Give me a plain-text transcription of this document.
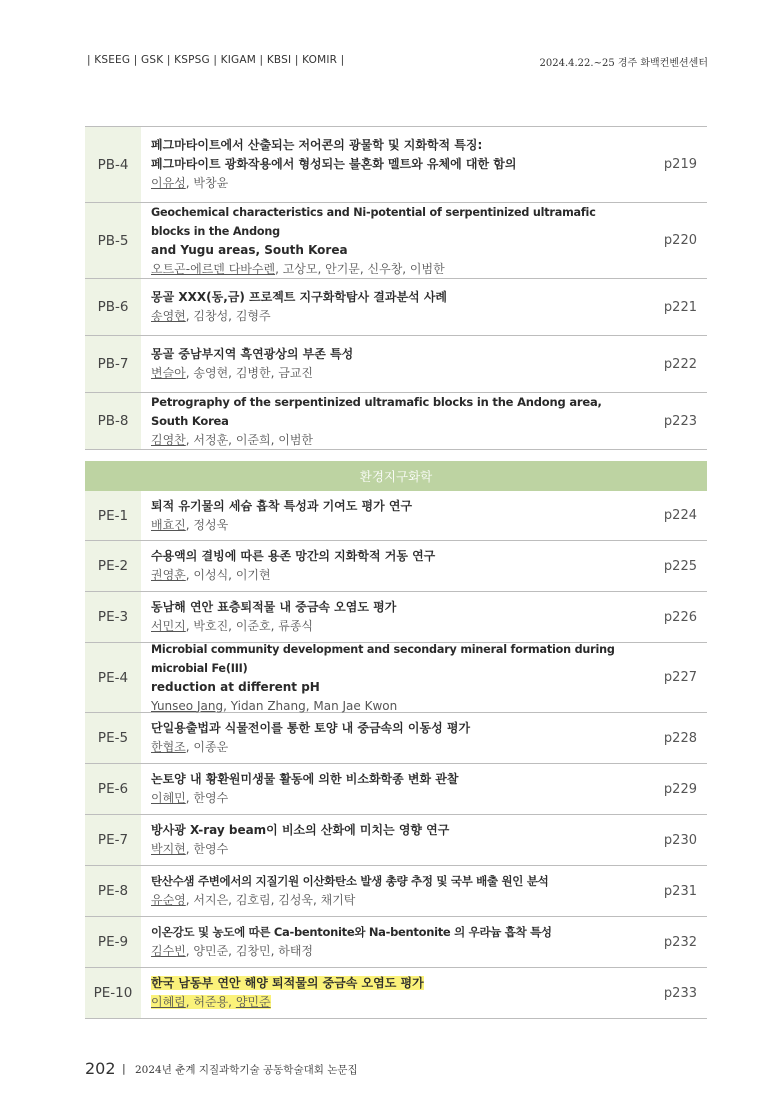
| KSEEG | GSK | KSPSG | KIGAM | KBSI | KOMIR |	2024.4.22.~25 경주 화백컨벤션센터
PB-4
페그마타이트에서 산출되는 저어콘의 광물학 및 지화학적 특징:
페그마타이트 광화작용에서 형성되는 불혼화 멜트와 유체에 대한 함의
이유성, 박창윤
p219
PB-5
Geochemical characteristics and Ni-potential of serpentinized ultramafic blocks in the Andong
and Yugu areas, South Korea
오트곤-에르덴 다바수렌, 고상모, 안기문, 신우창, 이범한
p220
PB-6
몽골 XXX(동,금) 프로젝트 지구화학탐사 결과분석 사례
송영현, 김창성, 김형주
p221
PB-7
몽골 중남부지역 흑연광상의 부존 특성
변슬아, 송영현, 김병한, 금교진
p222
PB-8
Petrography of the serpentinized ultramafic blocks in the Andong area, South Korea
김영찬, 서정훈, 이준희, 이범한
p223
환경지구화학
PE-1
퇴적 유기물의 세슘 흡착 특성과 기여도 평가 연구
배효진, 정성욱
p224
PE-2
수용액의 결빙에 따른 용존 망간의 지화학적 거동 연구
권영훈, 이성식, 이기현
p225
PE-3
동남해 연안 표층퇴적물 내 중금속 오염도 평가
서민지, 박호진, 이준호, 류종식
p226
PE-4
Microbial community development and secondary mineral formation during microbial Fe(III)
reduction at different pH
Yunseo Jang, Yidan Zhang, Man Jae Kwon
p227
PE-5
단일용출법과 식물전이를 통한 토양 내 중금속의 이동성 평가
한협조, 이종운
p228
PE-6
논토양 내 황환원미생물 활동에 의한 비소화학종 변화 관찰
이혜민, 한영수
p229
PE-7
방사광 X-ray beam이 비소의 산화에 미치는 영향 연구
박지현, 한영수
p230
PE-8
탄산수샘 주변에서의 지질기원 이산화탄소 발생 총량 추정 및 국부 배출 원인 분석
유순영, 서지은, 김호림, 김성욱, 채기탁
p231
PE-9
이온강도 및 농도에 따른 Ca-bentonite와 Na-bentonite 의 우라늄 흡착 특성
김수빈, 양민준, 김창민, 하태정
p232
PE-10
한국 남동부 연안 해양 퇴적물의 중금속 오염도 평가
이혜림, 허준용, 양민준
p233
202 | 2024년 춘계 지질과학기술 공동학술대회 논문집
